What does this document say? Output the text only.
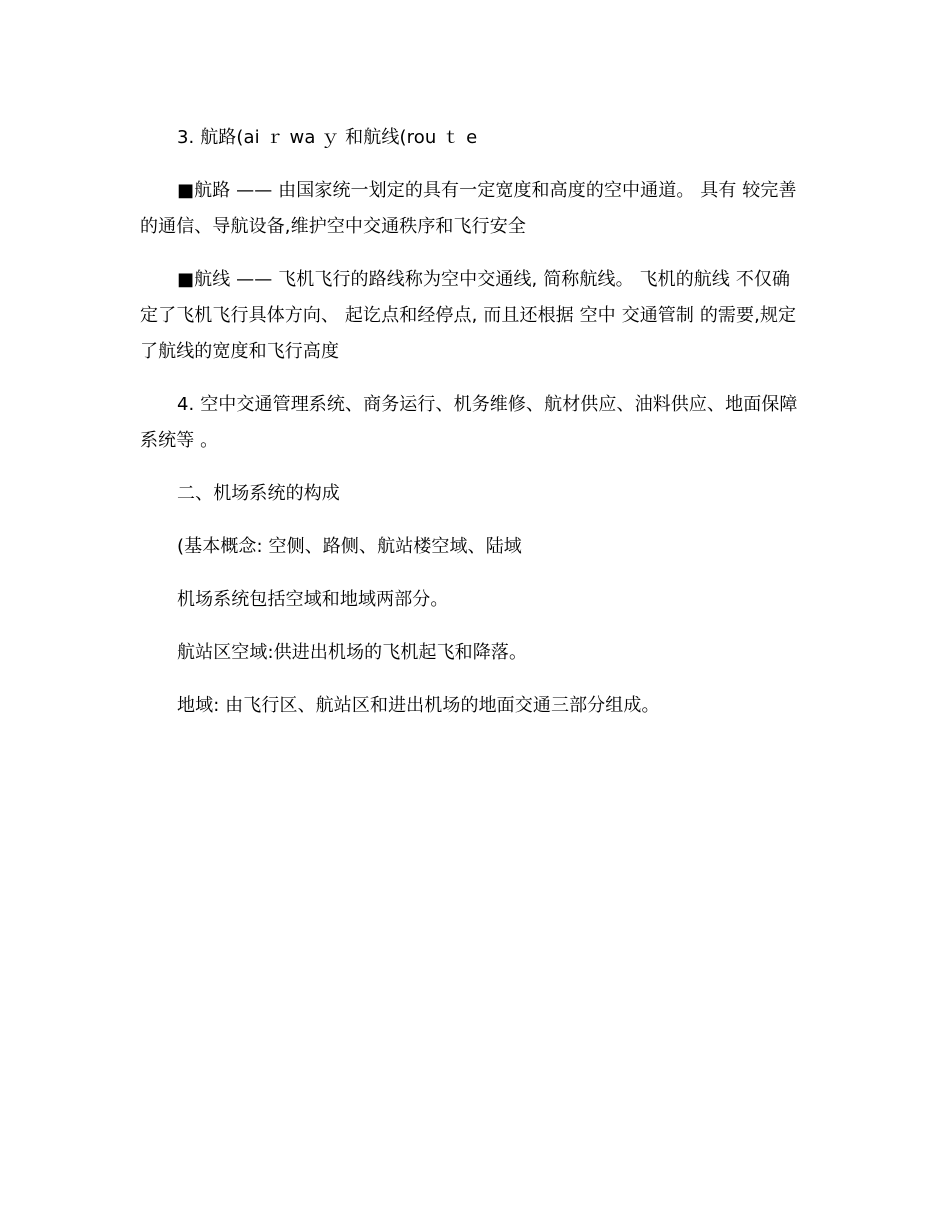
3. 航路(ai ｒ wa ｙ 和航线(rou ｔ e

■航路 —— 由国家统一划定的具有一定宽度和高度的空中通道。 具有 较完善的通信、导航设备,维护空中交通秩序和飞行安全

■航线 —— 飞机飞行的路线称为空中交通线, 简称航线。 飞机的航线 不仅确定了飞机飞行具体方向、 起讫点和经停点, 而且还根据 空中 交通管制 的需要,规定了航线的宽度和飞行高度

4. 空中交通管理系统、商务运行、机务维修、航材供应、油料供应、地面保障系统等 。

二、机场系统的构成

(基本概念: 空侧、路侧、航站楼空域、陆域

机场系统包括空域和地域两部分。

航站区空域:供进出机场的飞机起飞和降落。

地域: 由飞行区、航站区和进出机场的地面交通三部分组成。
